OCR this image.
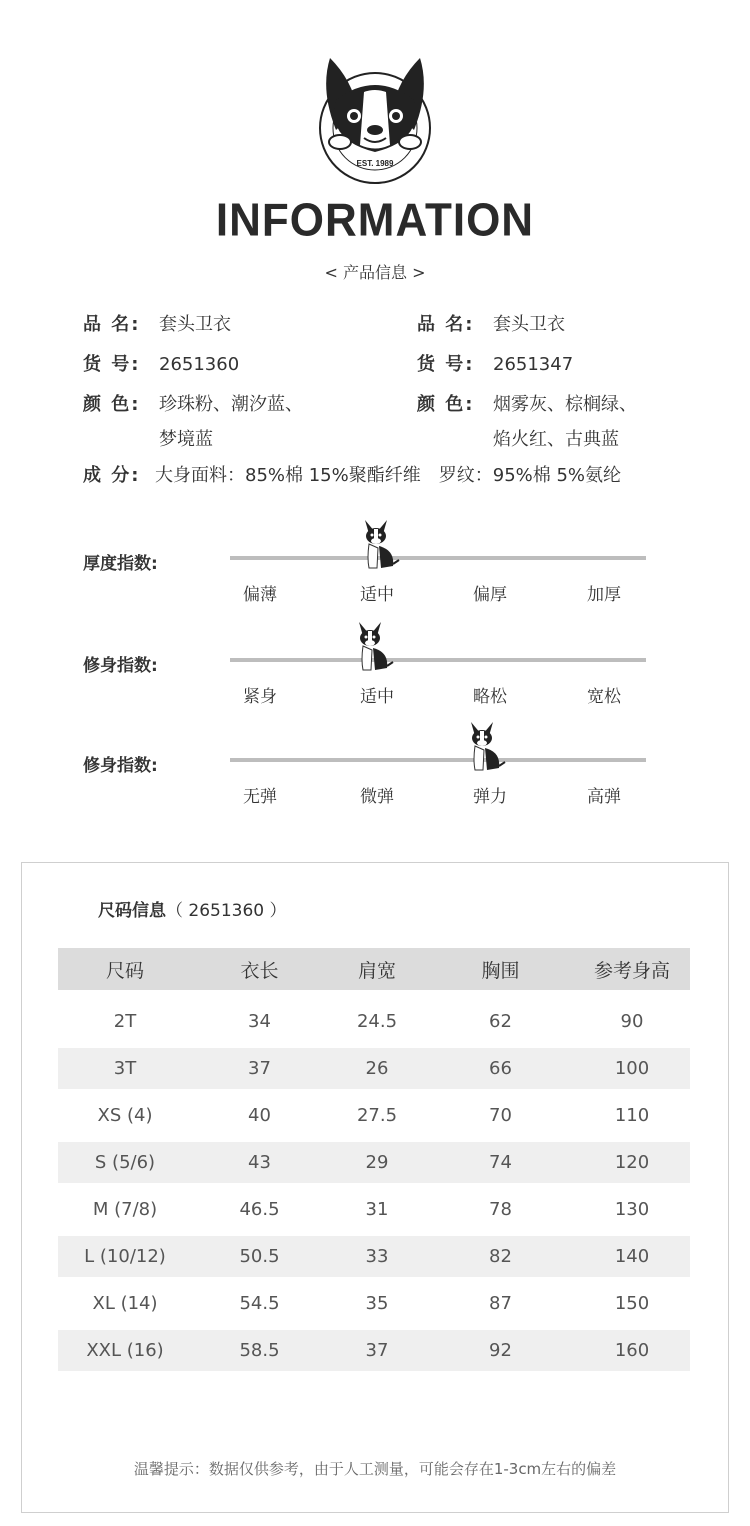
EST. 1989
INFORMATION
< 产品信息 >
品 名: 套头卫衣
货 号: 2651360
颜 色: 珍珠粉、潮汐蓝、
梦境蓝
品 名: 套头卫衣
货 号: 2651347
颜 色: 烟雾灰、棕榈绿、
焰火红、古典蓝
成 分: 大身面料：85%棉 15%聚酯纤维　罗纹：95%棉 5%氨纶
厚度指数:
偏薄	适中	偏厚	加厚
修身指数:
紧身	适中	略松	宽松
修身指数:
无弹	微弹	弹力	高弹
尺码信息（ 2651360 ）
尺码	衣长	肩宽	胸围	参考身高
2T	34	24.5	62	90
3T	37	26	66	100
XS (4)	40	27.5	70	110
S (5/6)	43	29	74	120
M (7/8)	46.5	31	78	130
L (10/12)	50.5	33	82	140
XL (14)	54.5	35	87	150
XXL (16)	58.5	37	92	160
温馨提示：数据仅供参考，由于人工测量，可能会存在1-3cm左右的偏差
